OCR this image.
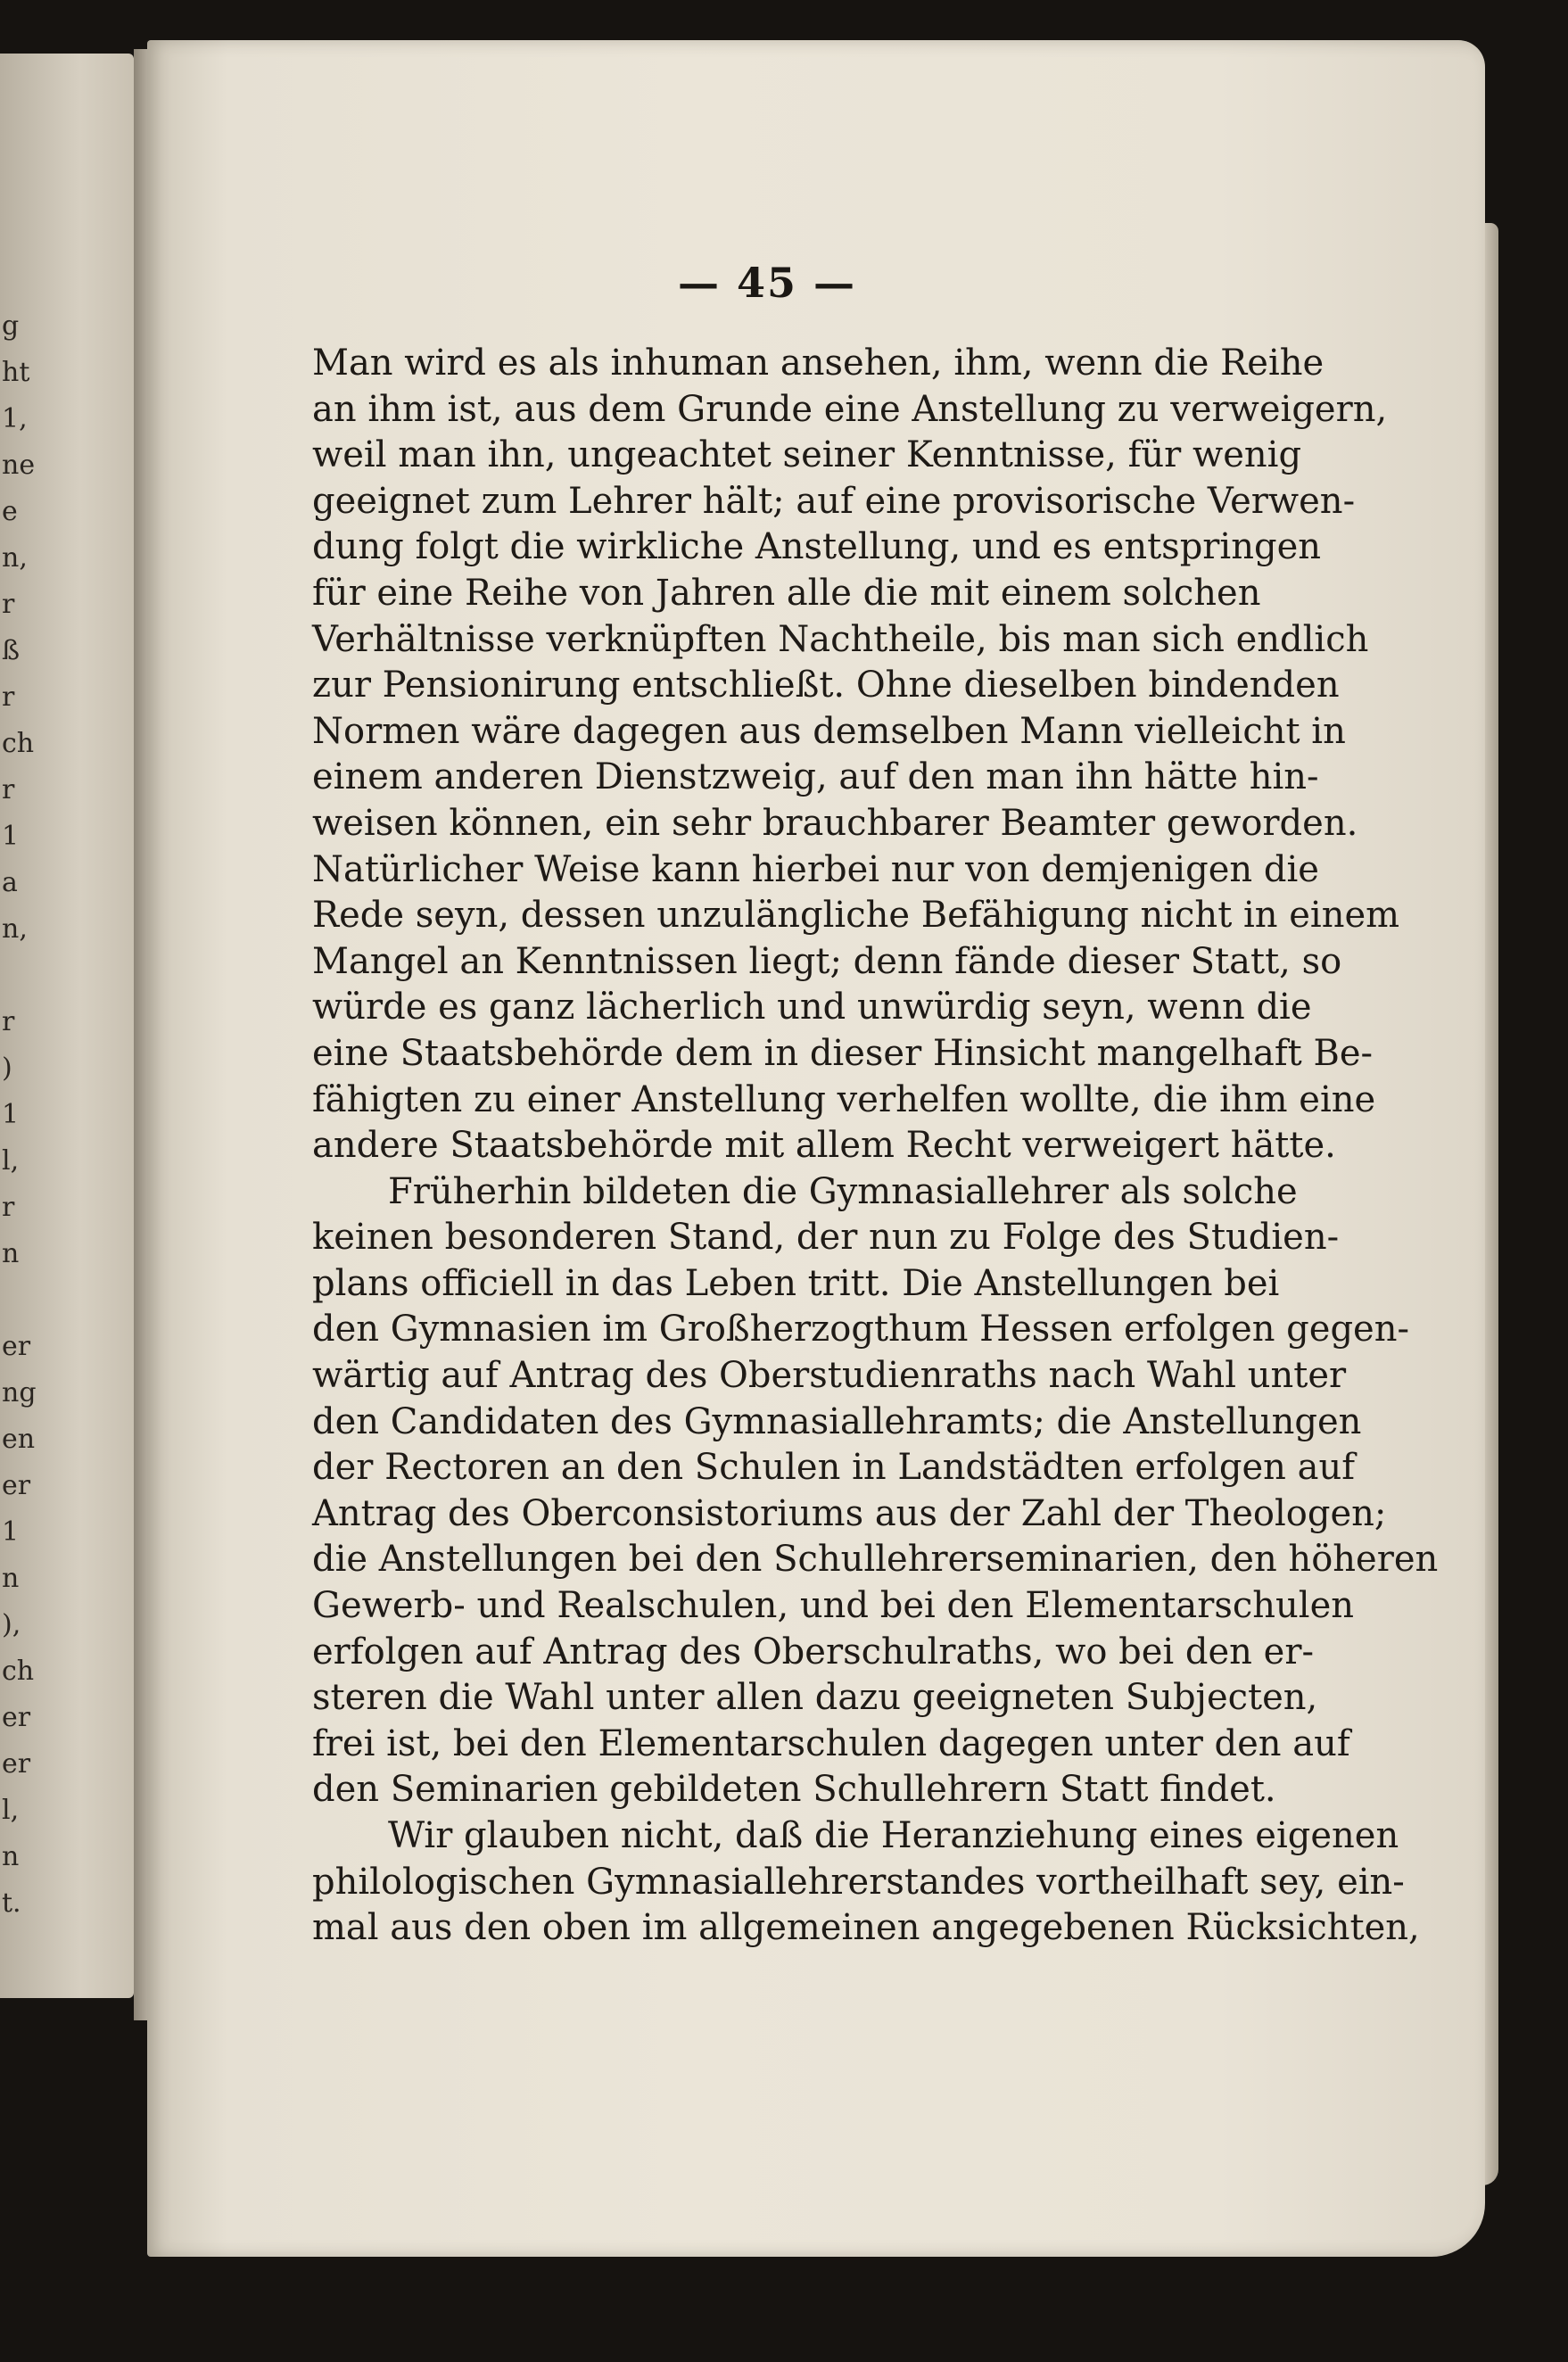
g
ht
1,
ne
e
n,
r
ß
r
ch
r
1
a
n,
r
)
1
l,
r
n
er
ng
en
er
1
n
),
ch
er
er
l,
n
t.
— 45 —
Man wird es als inhuman ansehen, ihm, wenn die Reihe
an ihm ist, aus dem Grunde eine Anstellung zu verweigern,
weil man ihn, ungeachtet seiner Kenntnisse, für wenig
geeignet zum Lehrer hält; auf eine provisorische Verwen-
dung folgt die wirkliche Anstellung, und es entspringen
für eine Reihe von Jahren alle die mit einem solchen
Verhältnisse verknüpften Nachtheile, bis man sich endlich
zur Pensionirung entschließt. Ohne dieselben bindenden
Normen wäre dagegen aus demselben Mann vielleicht in
einem anderen Dienstzweig, auf den man ihn hätte hin-
weisen können, ein sehr brauchbarer Beamter geworden.
Natürlicher Weise kann hierbei nur von demjenigen die
Rede seyn, dessen unzulängliche Befähigung nicht in einem
Mangel an Kenntnissen liegt; denn fände dieser Statt, so
würde es ganz lächerlich und unwürdig seyn, wenn die
eine Staatsbehörde dem in dieser Hinsicht mangelhaft Be-
fähigten zu einer Anstellung verhelfen wollte, die ihm eine
andere Staatsbehörde mit allem Recht verweigert hätte.
Früherhin bildeten die Gymnasiallehrer als solche
keinen besonderen Stand, der nun zu Folge des Studien-
plans officiell in das Leben tritt. Die Anstellungen bei
den Gymnasien im Großherzogthum Hessen erfolgen gegen-
wärtig auf Antrag des Oberstudienraths nach Wahl unter
den Candidaten des Gymnasiallehramts; die Anstellungen
der Rectoren an den Schulen in Landstädten erfolgen auf
Antrag des Oberconsistoriums aus der Zahl der Theologen;
die Anstellungen bei den Schullehrerseminarien, den höheren
Gewerb- und Realschulen, und bei den Elementarschulen
erfolgen auf Antrag des Oberschulraths, wo bei den er-
steren die Wahl unter allen dazu geeigneten Subjecten,
frei ist, bei den Elementarschulen dagegen unter den auf
den Seminarien gebildeten Schullehrern Statt findet.
Wir glauben nicht, daß die Heranziehung eines eigenen
philologischen Gymnasiallehrerstandes vortheilhaft sey, ein-
mal aus den oben im allgemeinen angegebenen Rücksichten,
